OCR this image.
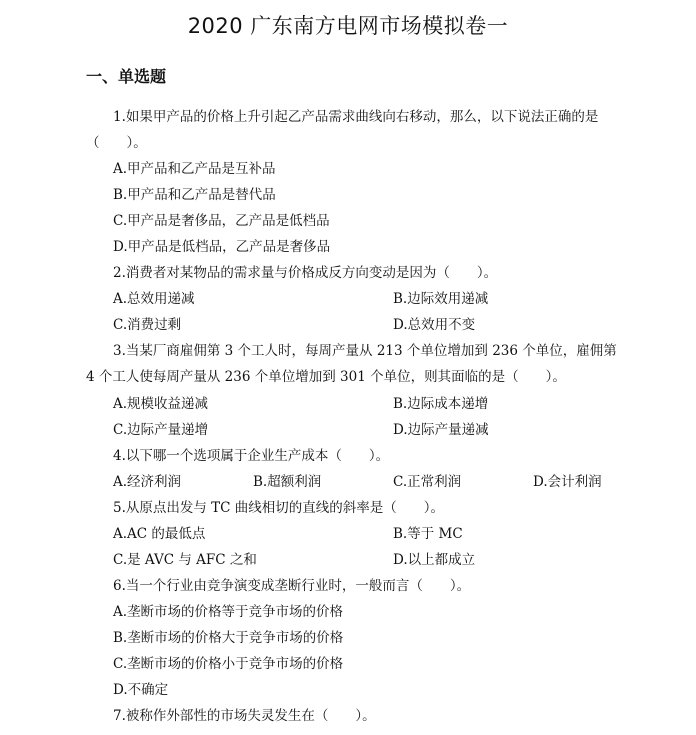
2020 广东南方电网市场模拟卷一
一、单选题
1.如果甲产品的价格上升引起乙产品需求曲线向右移动，那么，以下说法正确的是
（　　）。
A.甲产品和乙产品是互补品
B.甲产品和乙产品是替代品
C.甲产品是奢侈品，乙产品是低档品
D.甲产品是低档品，乙产品是奢侈品
2.消费者对某物品的需求量与价格成反方向变动是因为（　　）。
A.总效用递减	B.边际效用递减
C.消费过剩	D.总效用不变
3.当某厂商雇佣第 3 个工人时，每周产量从 213 个单位增加到 236 个单位，雇佣第
4 个工人使每周产量从 236 个单位增加到 301 个单位，则其面临的是（　　）。
A.规模收益递减	B.边际成本递增
C.边际产量递增	D.边际产量递减
4.以下哪一个选项属于企业生产成本（　　）。
A.经济利润	B.超额利润	C.正常利润	D.会计利润
5.从原点出发与 TC 曲线相切的直线的斜率是（　　）。
A.AC 的最低点	B.等于 MC
C.是 AVC 与 AFC 之和	D.以上都成立
6.当一个行业由竞争演变成垄断行业时，一般而言（　　）。
A.垄断市场的价格等于竞争市场的价格
B.垄断市场的价格大于竞争市场的价格
C.垄断市场的价格小于竞争市场的价格
D.不确定
7.被称作外部性的市场失灵发生在（　　）。
